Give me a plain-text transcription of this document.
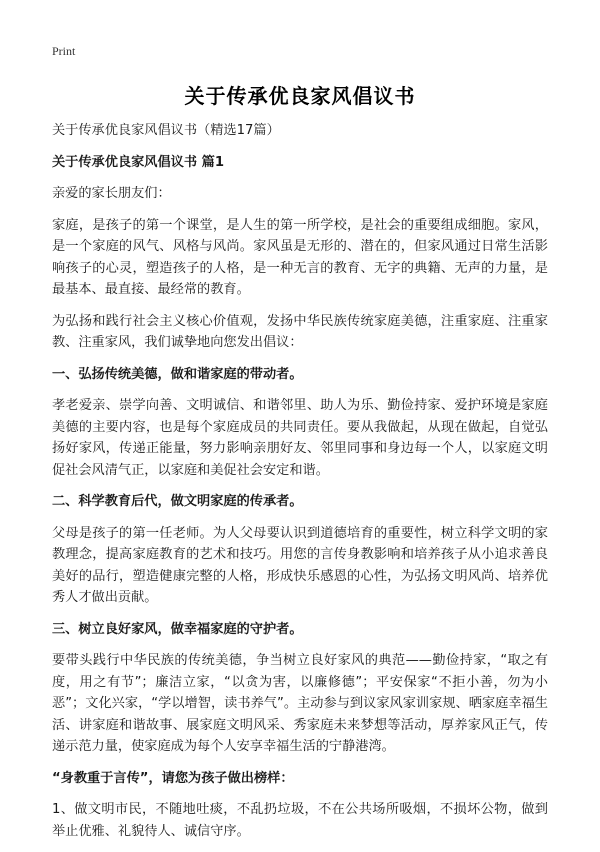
Print
关于传承优良家风倡议书

关于传承优良家风倡议书（精选17篇）

关于传承优良家风倡议书 篇1

亲爱的家长朋友们：

家庭，是孩子的第一个课堂，是人生的第一所学校，是社会的重要组成细胞。家风，是一个家庭的风气、风格与风尚。家风虽是无形的、潜在的，但家风通过日常生活影响孩子的心灵，塑造孩子的人格，是一种无言的教育、无字的典籍、无声的力量，是最基本、最直接、最经常的教育。

为弘扬和践行社会主义核心价值观，发扬中华民族传统家庭美德，注重家庭、注重家教、注重家风，我们诚挚地向您发出倡议：

一、弘扬传统美德，做和谐家庭的带动者。

孝老爱亲、崇学向善、文明诚信、和谐邻里、助人为乐、勤俭持家、爱护环境是家庭美德的主要内容，也是每个家庭成员的共同责任。要从我做起，从现在做起，自觉弘扬好家风，传递正能量，努力影响亲朋好友、邻里同事和身边每一个人，以家庭文明促社会风清气正，以家庭和美促社会安定和谐。

二、科学教育后代，做文明家庭的传承者。

父母是孩子的第一任老师。为人父母要认识到道德培育的重要性，树立科学文明的家教理念，提高家庭教育的艺术和技巧。用您的言传身教影响和培养孩子从小追求善良美好的品行，塑造健康完整的人格，形成快乐感恩的心性，为弘扬文明风尚、培养优秀人才做出贡献。

三、树立良好家风，做幸福家庭的守护者。

要带头践行中华民族的传统美德，争当树立良好家风的典范——勤俭持家，“取之有度，用之有节”；廉洁立家，“以贪为害，以廉修德”；平安保家“不拒小善，勿为小恶”；文化兴家，“学以增智，读书养气”。主动参与到议家风家训家规、晒家庭幸福生活、讲家庭和谐故事、展家庭文明风采、秀家庭未来梦想等活动，厚养家风正气，传递示范力量，使家庭成为每个人安享幸福生活的宁静港湾。

“身教重于言传”，请您为孩子做出榜样：

1、做文明市民，不随地吐痰，不乱扔垃圾，不在公共场所吸烟，不损坏公物，做到举止优雅、礼貌待人、诚信守序。
